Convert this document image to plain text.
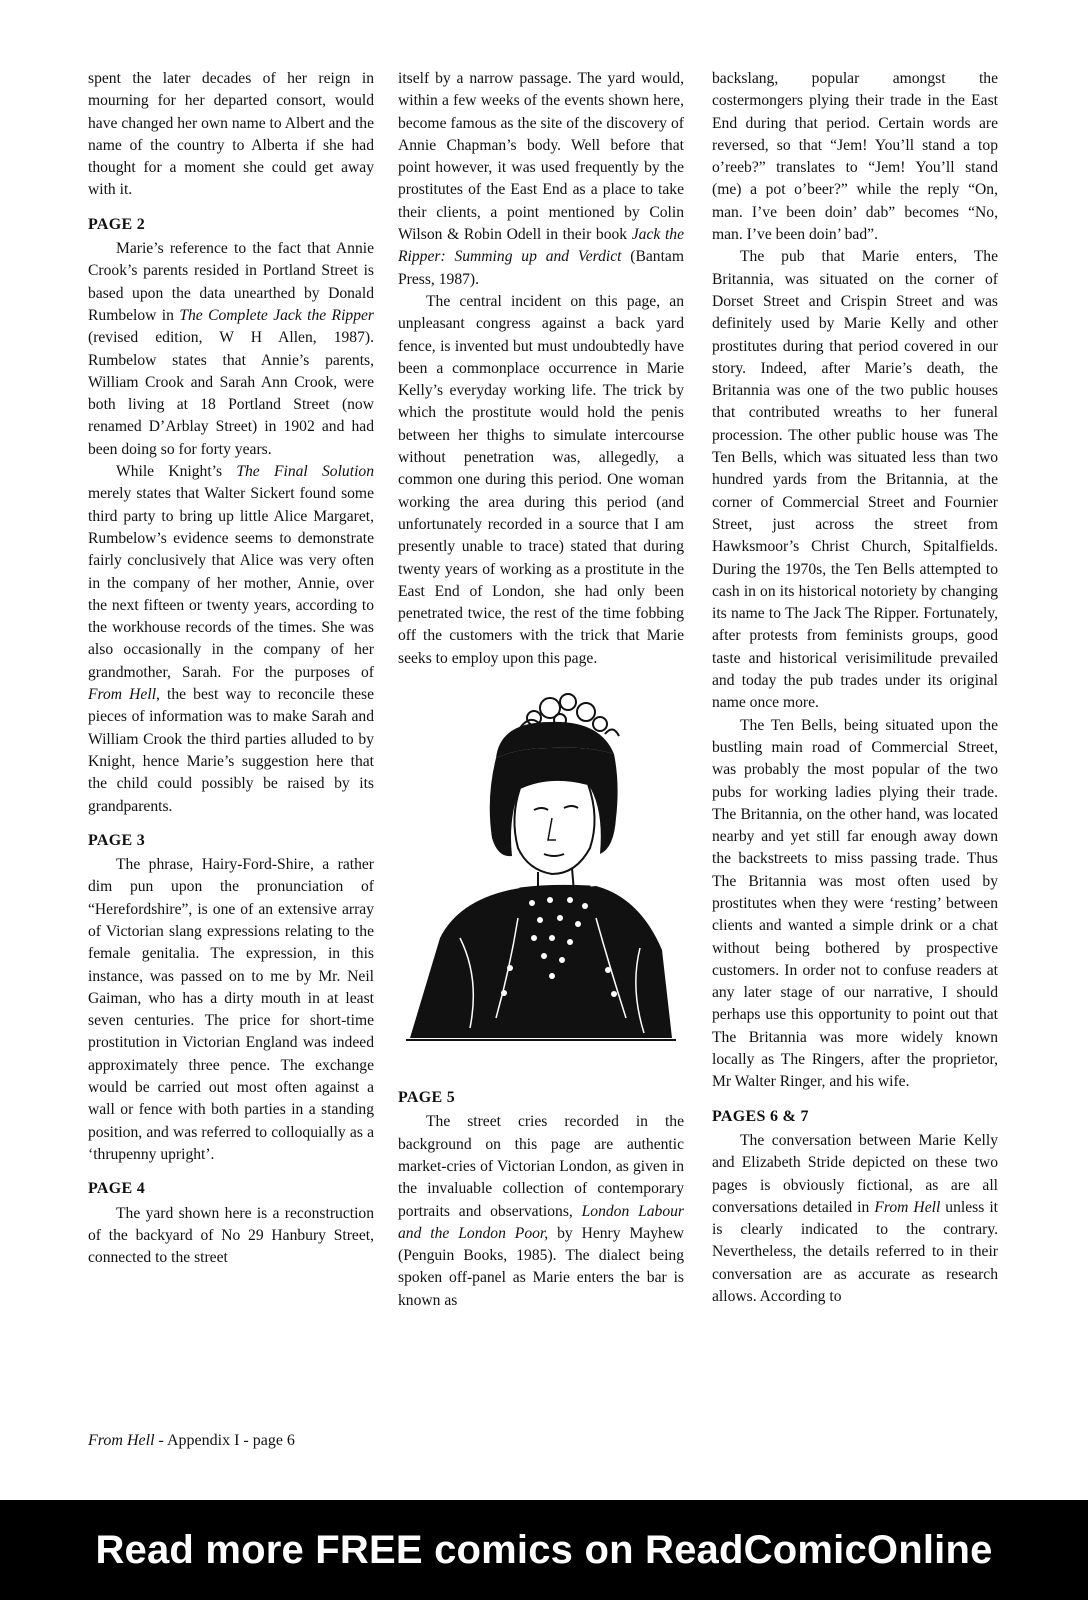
spent the later decades of her reign in mourning for her departed consort, would have changed her own name to Albert and the name of the country to Alberta if she had thought for a moment she could get away with it.

PAGE 2

Marie’s reference to the fact that Annie Crook’s parents resided in Portland Street is based upon the data unearthed by Donald Rumbelow in The Complete Jack the Ripper (revised edition, W H Allen, 1987). Rumbelow states that Annie’s parents, William Crook and Sarah Ann Crook, were both living at 18 Portland Street (now renamed D’Arblay Street) in 1902 and had been doing so for forty years.

While Knight’s The Final Solution merely states that Walter Sickert found some third party to bring up little Alice Margaret, Rumbelow’s evidence seems to demonstrate fairly conclusively that Alice was very often in the company of her mother, Annie, over the next fifteen or twenty years, according to the workhouse records of the times. She was also occasionally in the company of her grandmother, Sarah. For the purposes of From Hell, the best way to reconcile these pieces of information was to make Sarah and William Crook the third parties alluded to by Knight, hence Marie’s suggestion here that the child could possibly be raised by its grandparents.

PAGE 3

The phrase, Hairy-Ford-Shire, a rather dim pun upon the pronunciation of “Herefordshire”, is one of an extensive array of Victorian slang expressions relating to the female genitalia. The expression, in this instance, was passed on to me by Mr. Neil Gaiman, who has a dirty mouth in at least seven centuries. The price for short-time prostitution in Victorian England was indeed approximately three pence. The exchange would be carried out most often against a wall or fence with both parties in a standing position, and was referred to colloquially as a ‘thrupenny upright’.

PAGE 4

The yard shown here is a reconstruction of the backyard of No 29 Hanbury Street, connected to the street

itself by a narrow passage. The yard would, within a few weeks of the events shown here, become famous as the site of the discovery of Annie Chapman’s body. Well before that point however, it was used frequently by the prostitutes of the East End as a place to take their clients, a point mentioned by Colin Wilson & Robin Odell in their book Jack the Ripper: Summing up and Verdict (Bantam Press, 1987).

The central incident on this page, an unpleasant congress against a back yard fence, is invented but must undoubtedly have been a commonplace occurrence in Marie Kelly’s everyday working life. The trick by which the prostitute would hold the penis between her thighs to simulate intercourse without penetration was, allegedly, a common one during this period. One woman working the area during this period (and unfortunately recorded in a source that I am presently unable to trace) stated that during twenty years of working as a prostitute in the East End of London, she had only been penetrated twice, the rest of the time fobbing off the customers with the trick that Marie seeks to employ upon this page.

PAGE 5

The street cries recorded in the background on this page are authentic market-cries of Victorian London, as given in the invaluable collection of contemporary portraits and observations, London Labour and the London Poor, by Henry Mayhew (Penguin Books, 1985). The dialect being spoken off-panel as Marie enters the bar is known as

backslang, popular amongst the costermongers plying their trade in the East End during that period. Certain words are reversed, so that “Jem! You’ll stand a top o’reeb?” translates to “Jem! You’ll stand (me) a pot o’beer?” while the reply “On, man. I’ve been doin’ dab” becomes “No, man. I’ve been doin’ bad”.

The pub that Marie enters, The Britannia, was situated on the corner of Dorset Street and Crispin Street and was definitely used by Marie Kelly and other prostitutes during that period covered in our story. Indeed, after Marie’s death, the Britannia was one of the two public houses that contributed wreaths to her funeral procession. The other public house was The Ten Bells, which was situated less than two hundred yards from the Britannia, at the corner of Commercial Street and Fournier Street, just across the street from Hawksmoor’s Christ Church, Spitalfields. During the 1970s, the Ten Bells attempted to cash in on its historical notoriety by changing its name to The Jack The Ripper. Fortunately, after protests from feminists groups, good taste and historical verisimilitude prevailed and today the pub trades under its original name once more.

The Ten Bells, being situated upon the bustling main road of Commercial Street, was probably the most popular of the two pubs for working ladies plying their trade. The Britannia, on the other hand, was located nearby and yet still far enough away down the backstreets to miss passing trade. Thus The Britannia was most often used by prostitutes when they were ‘resting’ between clients and wanted a simple drink or a chat without being bothered by prospective customers. In order not to confuse readers at any later stage of our narrative, I should perhaps use this opportunity to point out that The Britannia was more widely known locally as The Ringers, after the proprietor, Mr Walter Ringer, and his wife.

PAGES 6 & 7

The conversation between Marie Kelly and Elizabeth Stride depicted on these two pages is obviously fictional, as are all conversations detailed in From Hell unless it is clearly indicated to the contrary. Nevertheless, the details referred to in their conversation are as accurate as research allows. According to

From Hell - Appendix I - page 6
Read more FREE comics on ReadComicOnline
